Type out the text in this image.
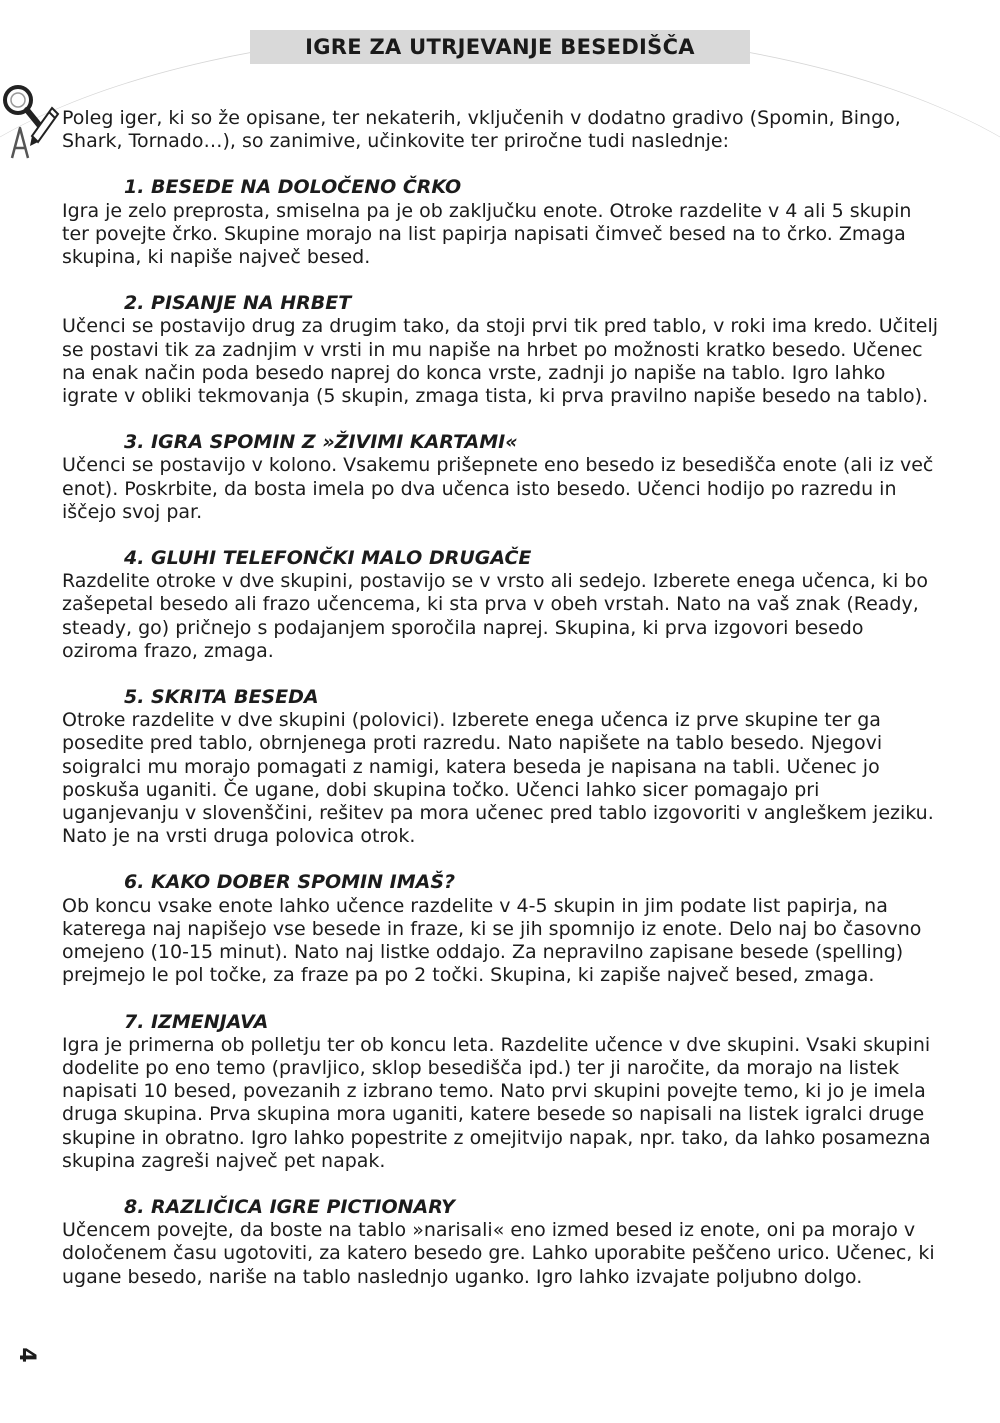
IGRE ZA UTRJEVANJE BESEDIŠČA

Poleg iger, ki so že opisane, ter nekaterih, vključenih v dodatno gradivo (Spomin, Bingo, Shark, Tornado…), so zanimive, učinkovite ter priročne tudi naslednje:

1. BESEDE NA DOLOČENO ČRKO

Igra je zelo preprosta, smiselna pa je ob zaključku enote. Otroke razdelite v 4 ali 5 skupin ter povejte črko. Skupine morajo na list papirja napisati čimveč besed na to črko. Zmaga skupina, ki napiše največ besed.

2. PISANJE NA HRBET

Učenci se postavijo drug za drugim tako, da stoji prvi tik pred tablo, v roki ima kredo. Učitelj se postavi tik za zadnjim v vrsti in mu napiše na hrbet po možnosti kratko besedo. Učenec na enak način poda besedo naprej do konca vrste, zadnji jo napiše na tablo. Igro lahko igrate v obliki tekmovanja (5 skupin, zmaga tista, ki prva pravilno napiše besedo na tablo).

3. IGRA SPOMIN Z »ŽIVIMI KARTAMI«

Učenci se postavijo v kolono. Vsakemu prišepnete eno besedo iz besedišča enote (ali iz več enot). Poskrbite, da bosta imela po dva učenca isto besedo. Učenci hodijo po razredu in iščejo svoj par.

4. GLUHI TELEFONČKI MALO DRUGAČE

Razdelite otroke v dve skupini, postavijo se v vrsto ali sedejo. Izberete enega učenca, ki bo zašepetal besedo ali frazo učencema, ki sta prva v obeh vrstah. Nato na vaš znak (Ready, steady, go) pričnejo s podajanjem sporočila naprej. Skupina, ki prva izgovori besedo oziroma frazo, zmaga.

5. SKRITA BESEDA

Otroke razdelite v dve skupini (polovici). Izberete enega učenca iz prve skupine ter ga posedite pred tablo, obrnjenega proti razredu. Nato napišete na tablo besedo. Njegovi soigralci mu morajo pomagati z namigi, katera beseda je napisana na tabli. Učenec jo poskuša uganiti. Če ugane, dobi skupina točko. Učenci lahko sicer pomagajo pri uganjevanju v slovenščini, rešitev pa mora učenec pred tablo izgovoriti v angleškem jeziku. Nato je na vrsti druga polovica otrok.

6. KAKO DOBER SPOMIN IMAŠ?

Ob koncu vsake enote lahko učence razdelite v 4-5 skupin in jim podate list papirja, na katerega naj napišejo vse besede in fraze, ki se jih spomnijo iz enote. Delo naj bo časovno omejeno (10-15 minut). Nato naj listke oddajo. Za nepravilno zapisane besede (spelling) prejmejo le pol točke, za fraze pa po 2 točki. Skupina, ki zapiše največ besed, zmaga.

7. IZMENJAVA

Igra je primerna ob polletju ter ob koncu leta. Razdelite učence v dve skupini. Vsaki skupini dodelite po eno temo (pravljico, sklop besedišča ipd.) ter ji naročite, da morajo na listek napisati 10 besed, povezanih z izbrano temo. Nato prvi skupini povejte temo, ki jo je imela druga skupina. Prva skupina mora uganiti, katere besede so napisali na listek igralci druge skupine in obratno. Igro lahko popestrite z omejitvijo napak, npr. tako, da lahko posamezna skupina zagreši največ pet napak.

8. RAZLIČICA IGRE PICTIONARY

Učencem povejte, da boste na tablo »narisali« eno izmed besed iz enote, oni pa morajo v določenem času ugotoviti, za katero besedo gre. Lahko uporabite peščeno urico. Učenec, ki ugane besedo, nariše na tablo naslednjo uganko. Igro lahko izvajate poljubno dolgo.

4
